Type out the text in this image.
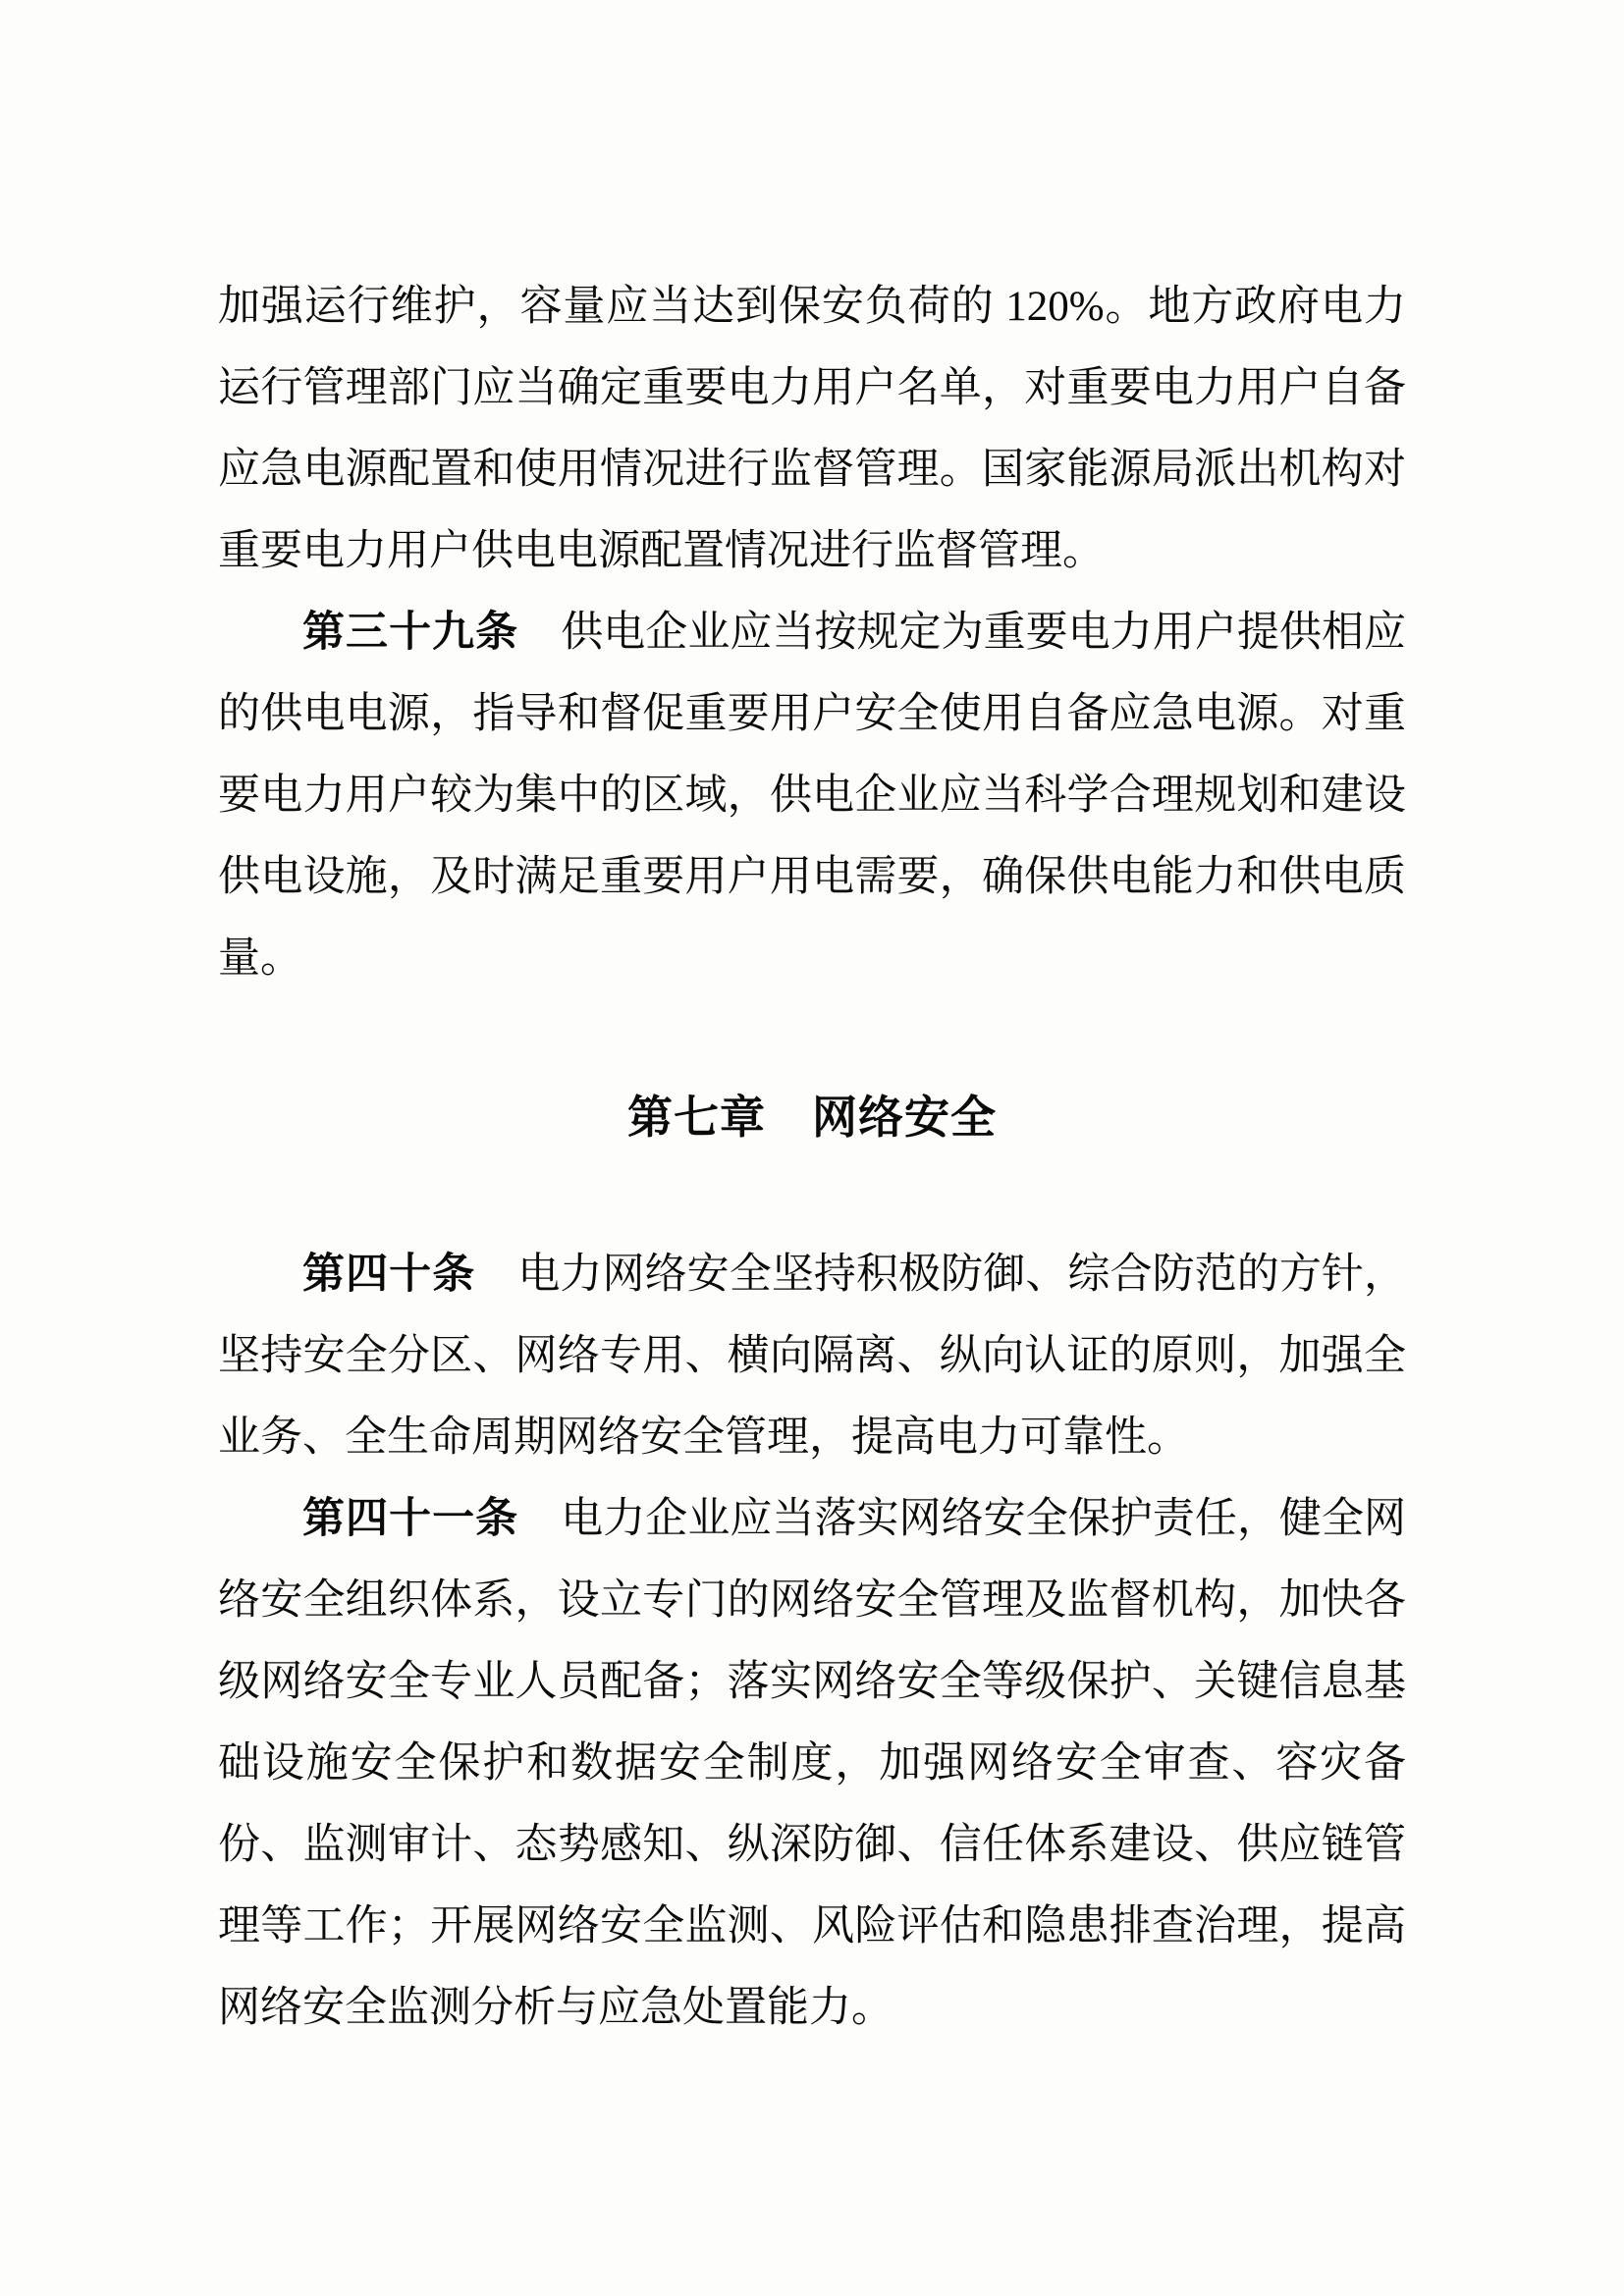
加强运行维护，容量应当达到保安负荷的 120%。地方政府电力运行管理部门应当确定重要电力用户名单，对重要电力用户自备应急电源配置和使用情况进行监督管理。国家能源局派出机构对重要电力用户供电电源配置情况进行监督管理。

第三十九条 供电企业应当按规定为重要电力用户提供相应的供电电源，指导和督促重要用户安全使用自备应急电源。对重要电力用户较为集中的区域，供电企业应当科学合理规划和建设供电设施，及时满足重要用户用电需要，确保供电能力和供电质量。

第七章　网络安全

第四十条 电力网络安全坚持积极防御、综合防范的方针，坚持安全分区、网络专用、横向隔离、纵向认证的原则，加强全业务、全生命周期网络安全管理，提高电力可靠性。

第四十一条 电力企业应当落实网络安全保护责任，健全网络安全组织体系，设立专门的网络安全管理及监督机构，加快各级网络安全专业人员配备；落实网络安全等级保护、关键信息基础设施安全保护和数据安全制度，加强网络安全审查、容灾备份、监测审计、态势感知、纵深防御、信任体系建设、供应链管理等工作；开展网络安全监测、风险评估和隐患排查治理，提高网络安全监测分析与应急处置能力。
